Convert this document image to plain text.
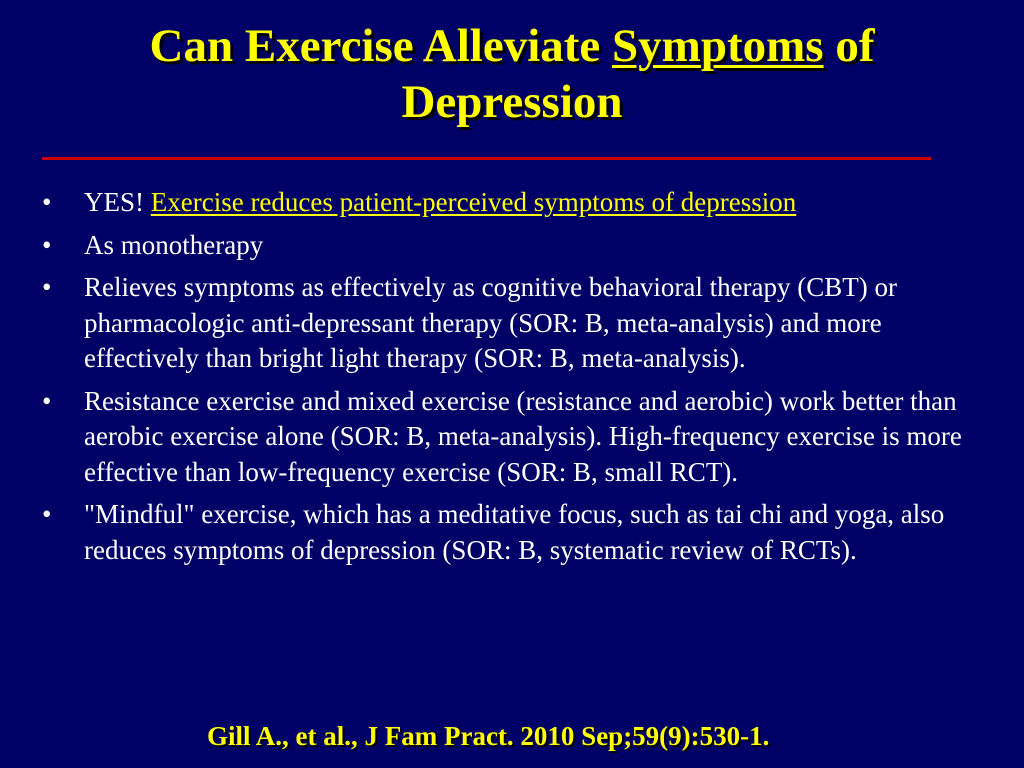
Can Exercise Alleviate Symptoms of
Depression
• YES! Exercise reduces patient-perceived symptoms of depression
• As monotherapy
• Relieves symptoms as effectively as cognitive behavioral therapy (CBT) or pharmacologic anti-depressant therapy (SOR: B, meta-analysis) and more effectively than bright light therapy (SOR: B, meta-analysis).
• Resistance exercise and mixed exercise (resistance and aerobic) work better than aerobic exercise alone (SOR: B, meta-analysis). High-frequency exercise is more effective than low-frequency exercise (SOR: B, small RCT).
• "Mindful" exercise, which has a meditative focus, such as tai chi and yoga, also reduces symptoms of depression (SOR: B, systematic review of RCTs).
Gill A., et al., J Fam Pract. 2010 Sep;59(9):530-1.
